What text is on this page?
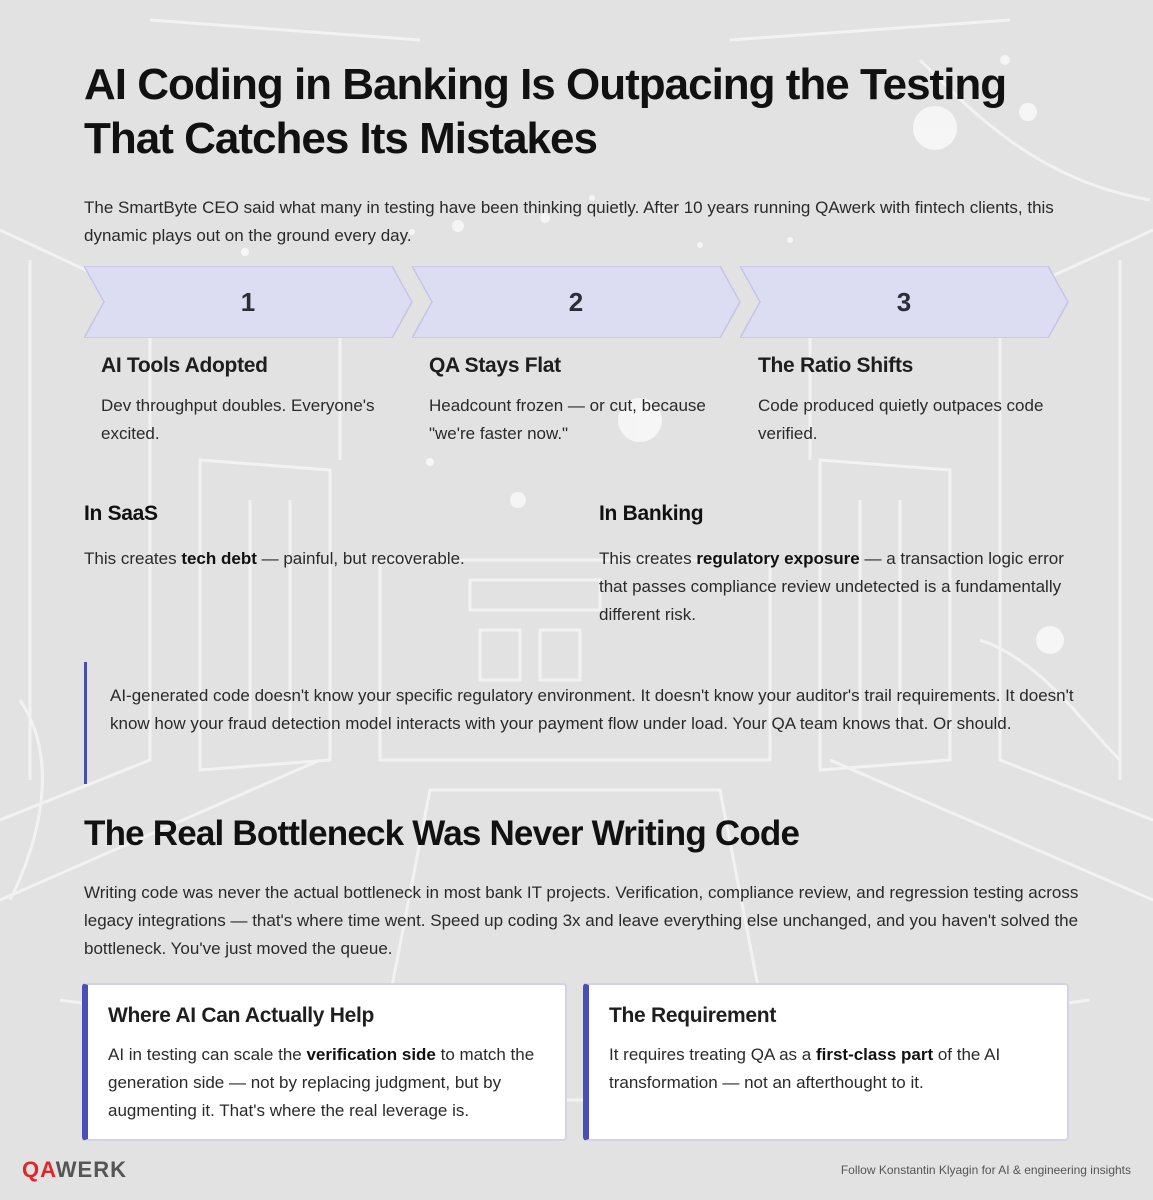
AI Coding in Banking Is Outpacing the Testing
That Catches Its Mistakes

The SmartByte CEO said what many in testing have been thinking quietly. After 10 years running QAwerk with fintech clients, this dynamic plays out on the ground every day.

1	2	3
AI Tools Adopted
Dev throughput doubles. Everyone's excited.
QA Stays Flat
Headcount frozen — or cut, because "we're faster now."
The Ratio Shifts
Code produced quietly outpaces code verified.
In SaaS

This creates tech debt — painful, but recoverable.

In Banking

This creates regulatory exposure — a transaction logic error that passes compliance review undetected is a fundamentally different risk.

AI-generated code doesn't know your specific regulatory environment. It doesn't know your auditor's trail requirements. It doesn't know how your fraud detection model interacts with your payment flow under load. Your QA team knows that. Or should.

The Real Bottleneck Was Never Writing Code

Writing code was never the actual bottleneck in most bank IT projects. Verification, compliance review, and regression testing across legacy integrations — that's where time went. Speed up coding 3x and leave everything else unchanged, and you haven't solved the bottleneck. You've just moved the queue.

Where AI Can Actually Help

AI in testing can scale the verification side to match the generation side — not by replacing judgment, but by augmenting it. That's where the real leverage is.

The Requirement

It requires treating QA as a first-class part of the AI transformation — not an afterthought to it.

QAWERK	Follow Konstantin Klyagin for AI & engineering insights
